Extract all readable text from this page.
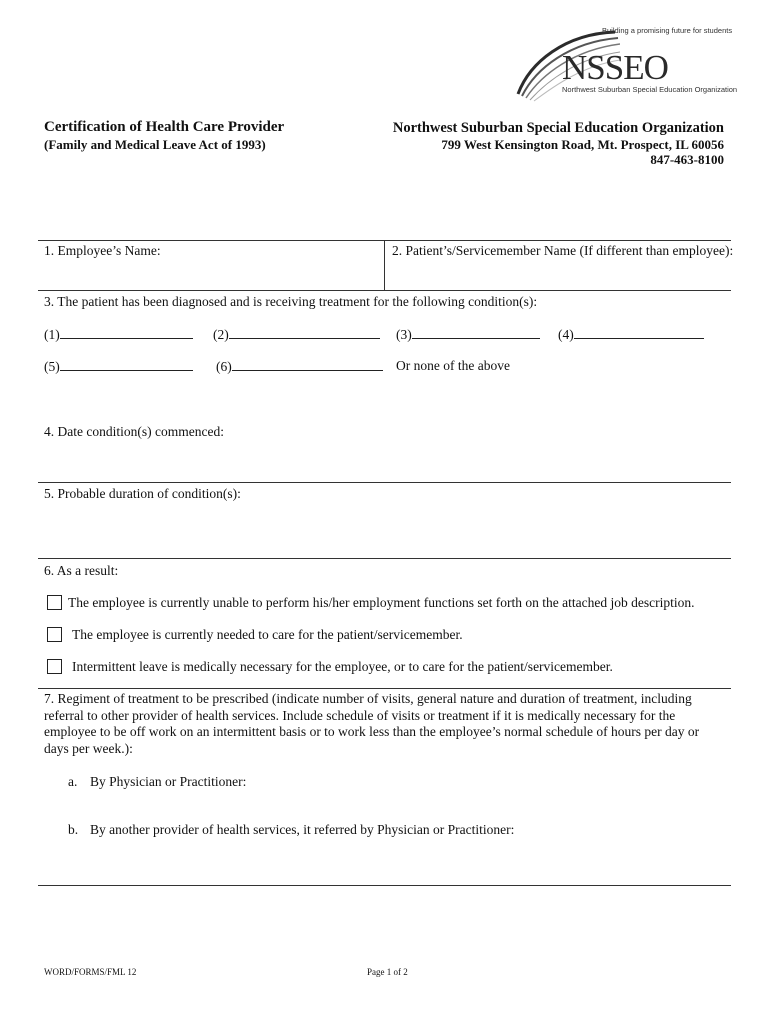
Building a promising future for students
NSSEO
Northwest Suburban Special Education Organization
Certification of Health Care Provider
(Family and Medical Leave Act of 1993)
Northwest Suburban Special Education Organization
799 West Kensington Road, Mt. Prospect, IL 60056
847-463-8100
1. Employee’s Name:	2. Patient’s/Servicemember Name (If different than employee):
3. The patient has been diagnosed and is receiving treatment for the following condition(s):
(1)	(2)	(3)	(4)
(5)	(6)	Or none of the above
4. Date condition(s) commenced:
5. Probable duration of condition(s):
6. As a result:
The employee is currently unable to perform his/her employment functions set forth on the attached job description.
The employee is currently needed to care for the patient/servicemember.
Intermittent leave is medically necessary for the employee, or to care for the patient/servicemember.
7. Regiment of treatment to be prescribed (indicate number of visits, general nature and duration of treatment, including
referral to other provider of health services. Include schedule of visits or treatment if it is medically necessary for the
employee to be off work on an intermittent basis or to work less than the employee’s normal schedule of hours per day or
days per week.):
a. By Physician or Practitioner:
b. By another provider of health services, it referred by Physician or Practitioner:
WORD/FORMS/FML 12	Page 1 of 2
